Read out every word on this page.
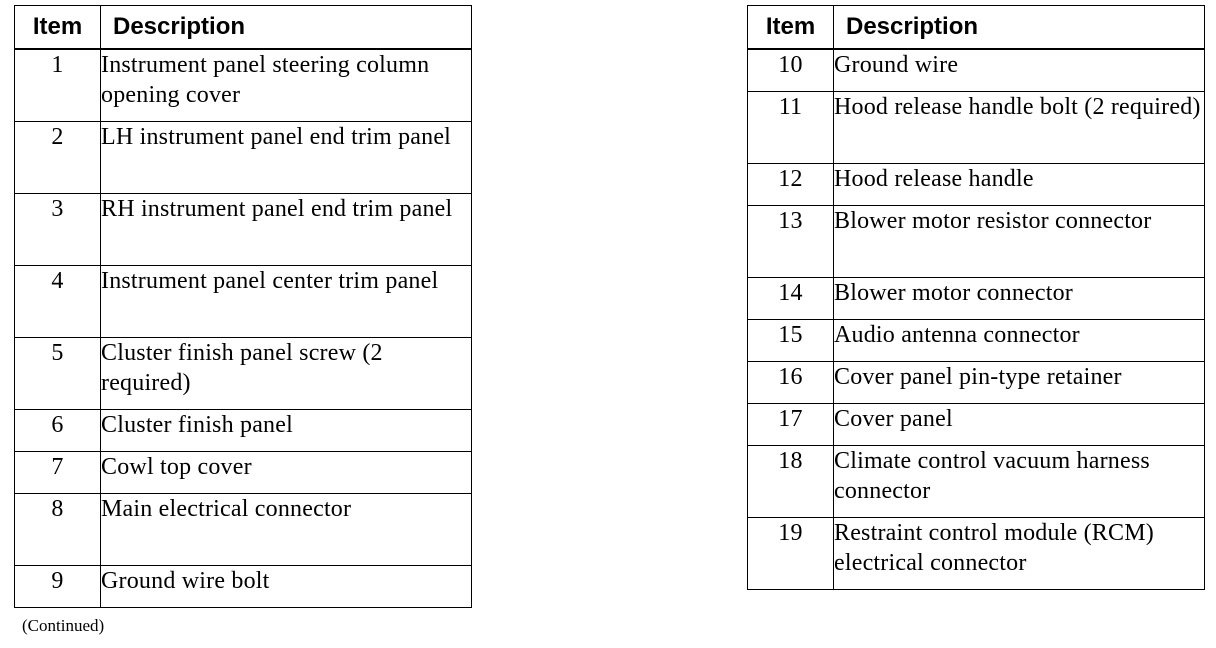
Item	Description
1	Instrument panel steering column opening cover
2	LH instrument panel end trim panel
3	RH instrument panel end trim panel
4	Instrument panel center trim panel
5	Cluster finish panel screw (2 required)
6	Cluster finish panel
7	Cowl top cover
8	Main electrical connector
9	Ground wire bolt
Item	Description
10	Ground wire
11	Hood release handle bolt (2 required)
12	Hood release handle
13	Blower motor resistor connector
14	Blower motor connector
15	Audio antenna connector
16	Cover panel pin-type retainer
17	Cover panel
18	Climate control vacuum harness connector
19	Restraint control module (RCM) electrical connector
(Continued)
